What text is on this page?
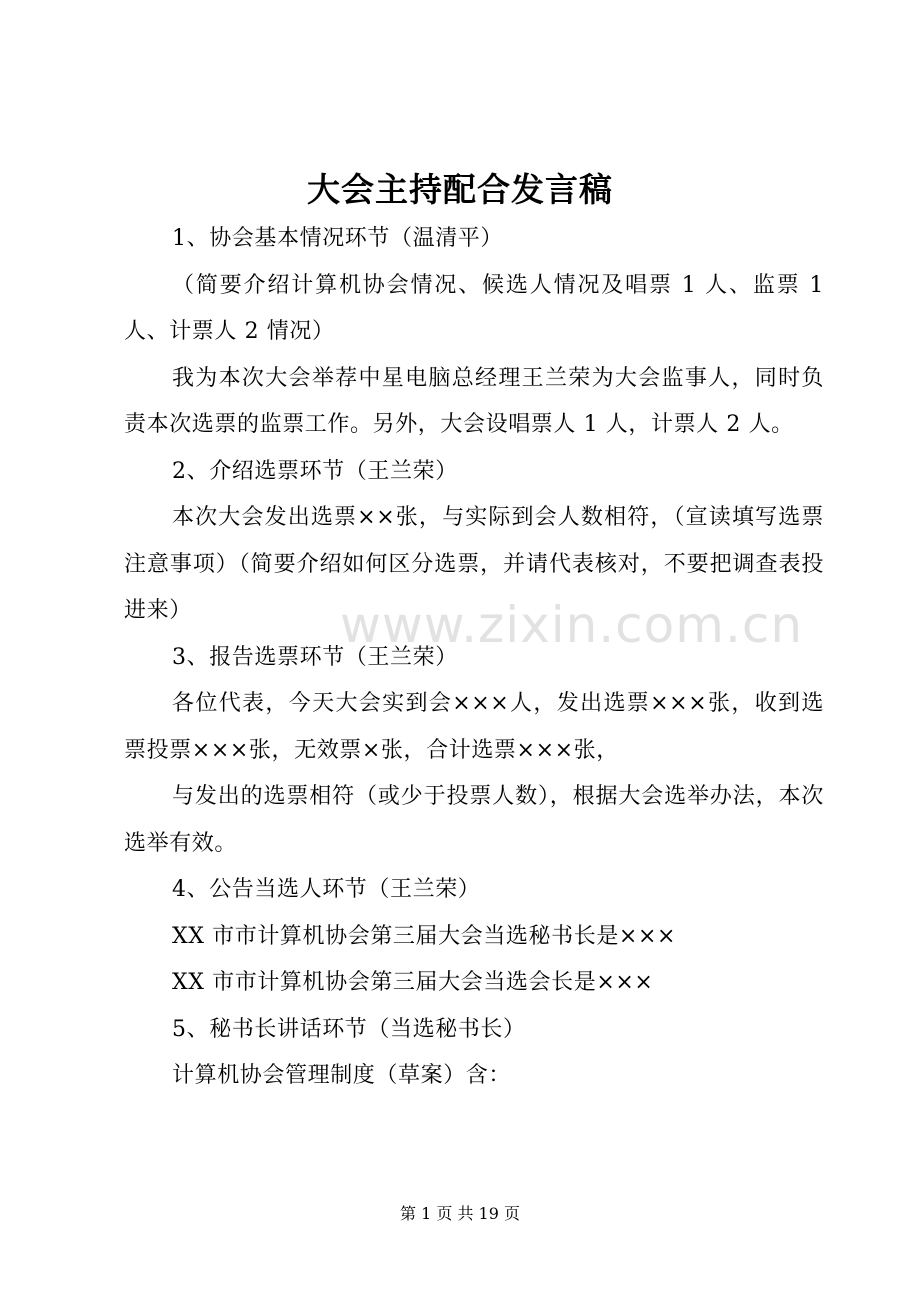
大会主持配合发言稿

1、协会基本情况环节（温清平）

（简要介绍计算机协会情况、候选人情况及唱票 1 人、监票 1 人、计票人 2 情况）

我为本次大会举荐中星电脑总经理王兰荣为大会监事人，同时负责本次选票的监票工作。另外，大会设唱票人 1 人，计票人 2 人。

2、介绍选票环节（王兰荣）

本次大会发出选票××张，与实际到会人数相符，（宣读填写选票注意事项）（简要介绍如何区分选票，并请代表核对，不要把调查表投进来）

3、报告选票环节（王兰荣）

各位代表，今天大会实到会×××人，发出选票×××张，收到选票投票×××张，无效票×张，合计选票×××张，

与发出的选票相符（或少于投票人数），根据大会选举办法，本次选举有效。

4、公告当选人环节（王兰荣）

XX 市市计算机协会第三届大会当选秘书长是×××

XX 市市计算机协会第三届大会当选会长是×××

5、秘书长讲话环节（当选秘书长）

计算机协会管理制度（草案）含：

www.zixin.com.cn
第 1 页 共 19 页
